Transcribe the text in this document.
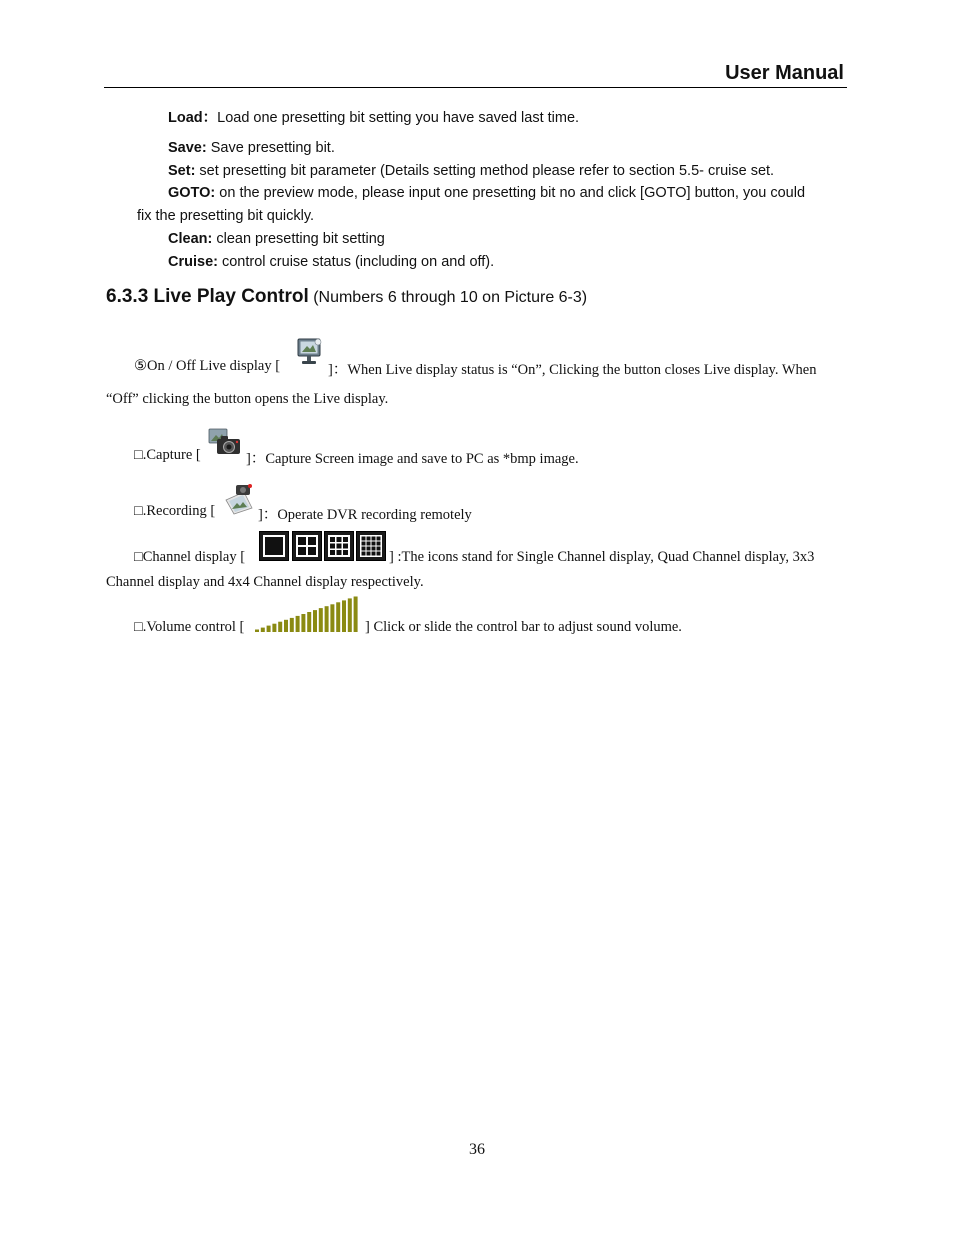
User Manual
Load：Load one presetting bit setting you have saved last time.
Save: Save presetting bit.
Set: set presetting bit parameter (Details setting method please refer to section 5.5- cruise set.
GOTO: on the preview mode, please input one presetting bit no and click [GOTO] button, you could
fix the presetting bit quickly.
Clean: clean presetting bit setting
Cruise: control cruise status (including on and off).
6.3.3 Live Play Control (Numbers 6 through 10 on Picture 6-3)
⑤On / Off Live display [	]：When Live display status is “On”, Clicking the button closes Live display. When
“Off” clicking the button opens the Live display.
□.Capture [	]：Capture Screen image and save to PC as *bmp image.
□.Recording [	]：Operate DVR recording remotely
□Channel display [	] :The icons stand for Single Channel display, Quad Channel display, 3x3
Channel display and 4x4 Channel display respectively.
□.Volume control [	] Click or slide the control bar to adjust sound volume.
36
